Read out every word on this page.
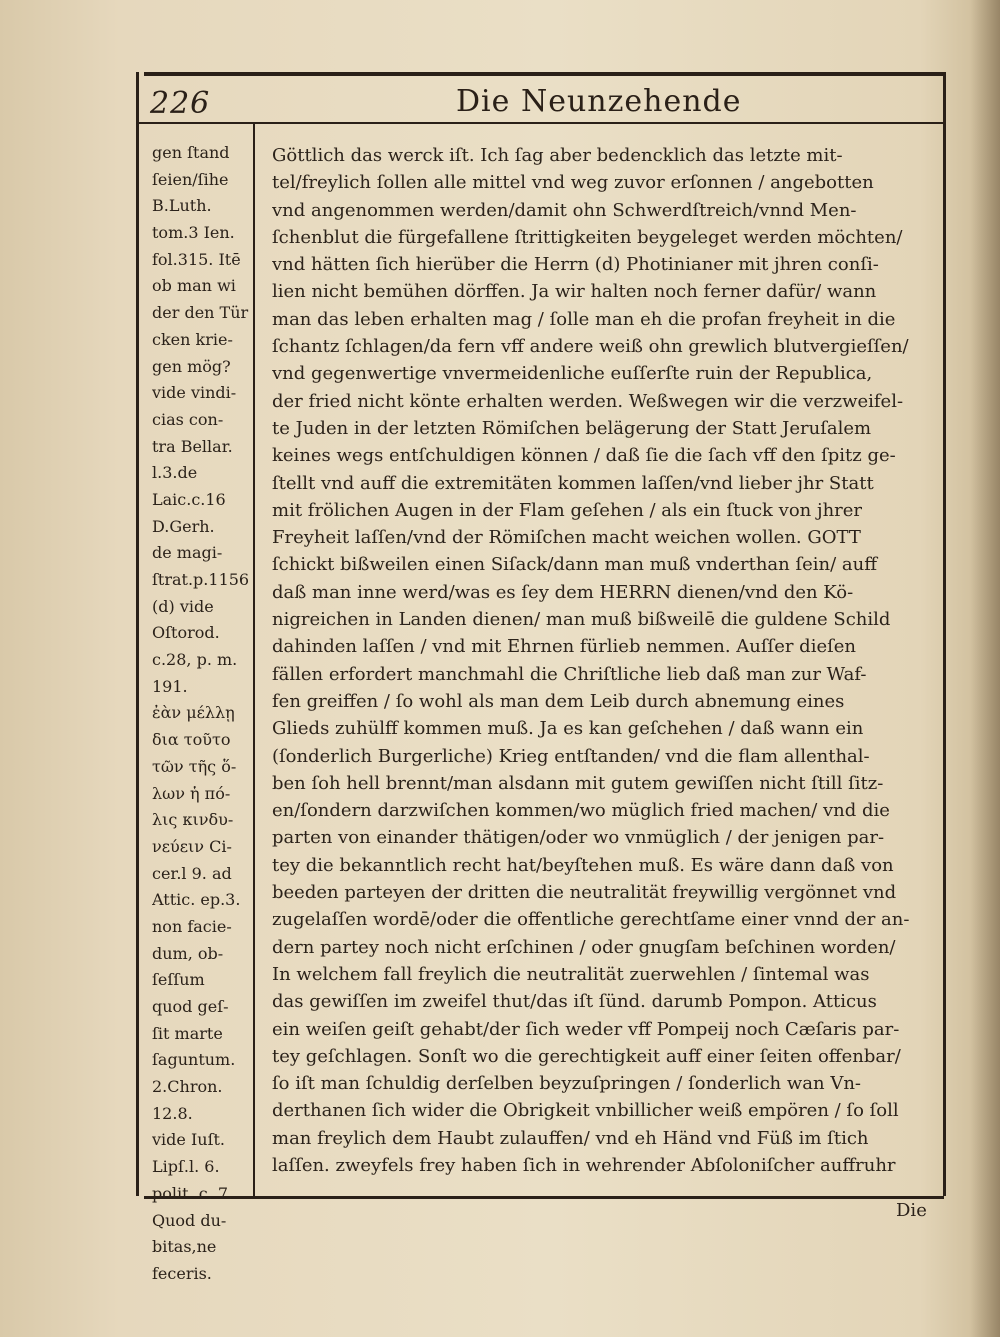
226	Die Neunzehende
gen ſtand
ſeien/ſihe
B.Luth.
tom.3 Ien.
fol.315. Itē
ob man wi
der den Tür
cken krie-
gen mög?
vide vindi-
cias con-
tra Bellar.
l.3.de
Laic.c.16
D.Gerh.
de magi-
ſtrat.p.1156
(d) vide
Oſtorod.
c.28, p. m.
191.
ἐὰν μέλλῃ
δια τοῦτο
τῶν τῆς ὅ-
λων ἡ πό-
λις κινδυ-
νεύειν Ci-
cer.l 9. ad
Attic. ep.3.
non facie-
dum, ob-
ſeſſum
quod geſ-
ſit marte
ſaguntum.
2.Chron.
12.8.
vide Iuſt.
Lipſ.l. 6.
polit. c. 7.
Quod du-
bitas,ne
feceris.
Göttlich das werck iſt. Ich ſag aber bedencklich das letzte mit-
tel/freylich ſollen alle mittel vnd weg zuvor erſonnen / angebotten
vnd angenommen werden/damit ohn Schwerdſtreich/vnnd Men-
ſchenblut die fürgefallene ſtrittigkeiten beygeleget werden möchten/
vnd hätten ſich hierüber die Herrn (d) Photinianer mit jhren conſi-
lien nicht bemühen dörffen. Ja wir halten noch ferner dafür/ wann
man das leben erhalten mag / ſolle man eh die profan freyheit in die
ſchantz ſchlagen/da fern vff andere weiß ohn grewlich blutvergieſſen/
vnd gegenwertige vnvermeidenliche euſſerſte ruin der Republica,
der fried nicht könte erhalten werden. Weßwegen wir die verzweifel-
te Juden in der letzten Römiſchen belägerung der Statt Jeruſalem
keines wegs entſchuldigen können / daß ſie die ſach vff den ſpitz ge-
ſtellt vnd auff die extremitäten kommen laſſen/vnd lieber jhr Statt
mit frölichen Augen in der Flam geſehen / als ein ſtuck von jhrer
Freyheit laſſen/vnd der Römiſchen macht weichen wollen. GOTT
ſchickt bißweilen einen Siſack/dann man muß vnderthan ſein/ auff
daß man inne werd/was es ſey dem HERRN dienen/vnd den Kö-
nigreichen in Landen dienen/ man muß bißweilē die guldene Schild
dahinden laſſen / vnd mit Ehrnen fürlieb nemmen. Auſſer dieſen
fällen erfordert manchmahl die Chriſtliche lieb daß man zur Waf-
fen greiffen / ſo wohl als man dem Leib durch abnemung eines
Glieds zuhülff kommen muß. Ja es kan geſchehen / daß wann ein
(ſonderlich Burgerliche) Krieg entſtanden/ vnd die flam allenthal-
ben ſoh hell brennt/man alsdann mit gutem gewiſſen nicht ſtill ſitz-
en/ſondern darzwiſchen kommen/wo müglich fried machen/ vnd die
parten von einander thätigen/oder wo vnmüglich / der jenigen par-
tey die bekanntlich recht hat/beyſtehen muß. Es wäre dann daß von
beeden parteyen der dritten die neutralität freywillig vergönnet vnd
zugelaſſen wordē/oder die offentliche gerechtſame einer vnnd der an-
dern partey noch nicht erſchinen / oder gnugſam beſchinen worden/
In welchem fall freylich die neutralität zuerwehlen / ſintemal was
das gewiſſen im zweifel thut/das iſt ſünd. darumb Pompon. Atticus
ein weiſen geiſt gehabt/der ſich weder vff Pompeij noch Cæſaris par-
tey geſchlagen. Sonſt wo die gerechtigkeit auff einer ſeiten offenbar/
ſo iſt man ſchuldig derſelben beyzuſpringen / ſonderlich wan Vn-
derthanen ſich wider die Obrigkeit vnbillicher weiß empören / ſo ſoll
man freylich dem Haubt zulauffen/ vnd eh Händ vnd Füß im ſtich
laſſen. zweyfels frey haben ſich in wehrender Abſoloniſcher auffruhr
Die
